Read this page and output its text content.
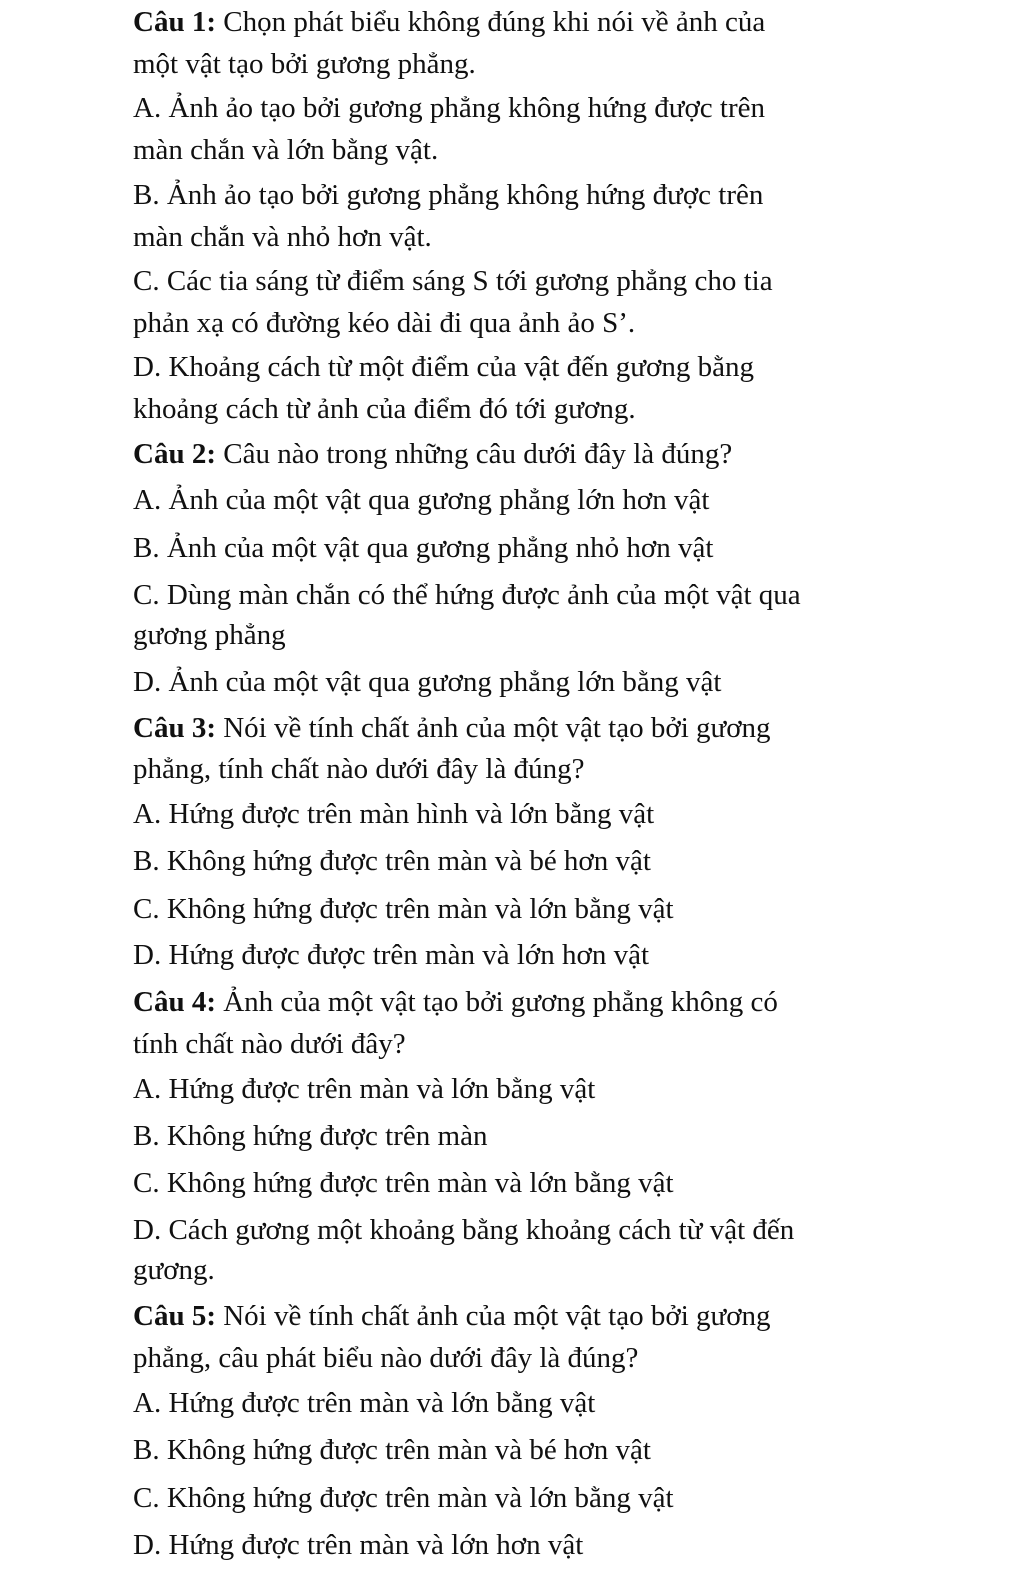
Câu 1: Chọn phát biểu không đúng khi nói về ảnh của
một vật tạo bởi gương phẳng.
A. Ảnh ảo tạo bởi gương phẳng không hứng được trên
màn chắn và lớn bằng vật.
B. Ảnh ảo tạo bởi gương phẳng không hứng được trên
màn chắn và nhỏ hơn vật.
C. Các tia sáng từ điểm sáng S tới gương phẳng cho tia
phản xạ có đường kéo dài đi qua ảnh ảo S’.
D. Khoảng cách từ một điểm của vật đến gương bằng
khoảng cách từ ảnh của điểm đó tới gương.
Câu 2: Câu nào trong những câu dưới đây là đúng?
A. Ảnh của một vật qua gương phẳng lớn hơn vật
B. Ảnh của một vật qua gương phẳng nhỏ hơn vật
C. Dùng màn chắn có thể hứng được ảnh của một vật qua
gương phẳng
D. Ảnh của một vật qua gương phẳng lớn bằng vật
Câu 3: Nói về tính chất ảnh của một vật tạo bởi gương
phẳng, tính chất nào dưới đây là đúng?
A. Hứng được trên màn hình và lớn bằng vật
B. Không hứng được trên màn và bé hơn vật
C. Không hứng được trên màn và lớn bằng vật
D. Hứng được được trên màn và lớn hơn vật
Câu 4: Ảnh của một vật tạo bởi gương phẳng không có
tính chất nào dưới đây?
A. Hứng được trên màn và lớn bằng vật
B. Không hứng được trên màn
C. Không hứng được trên màn và lớn bằng vật
D. Cách gương một khoảng bằng khoảng cách từ vật đến
gương.
Câu 5: Nói về tính chất ảnh của một vật tạo bởi gương
phẳng, câu phát biểu nào dưới đây là đúng?
A. Hứng được trên màn và lớn bằng vật
B. Không hứng được trên màn và bé hơn vật
C. Không hứng được trên màn và lớn bằng vật
D. Hứng được trên màn và lớn hơn vật
